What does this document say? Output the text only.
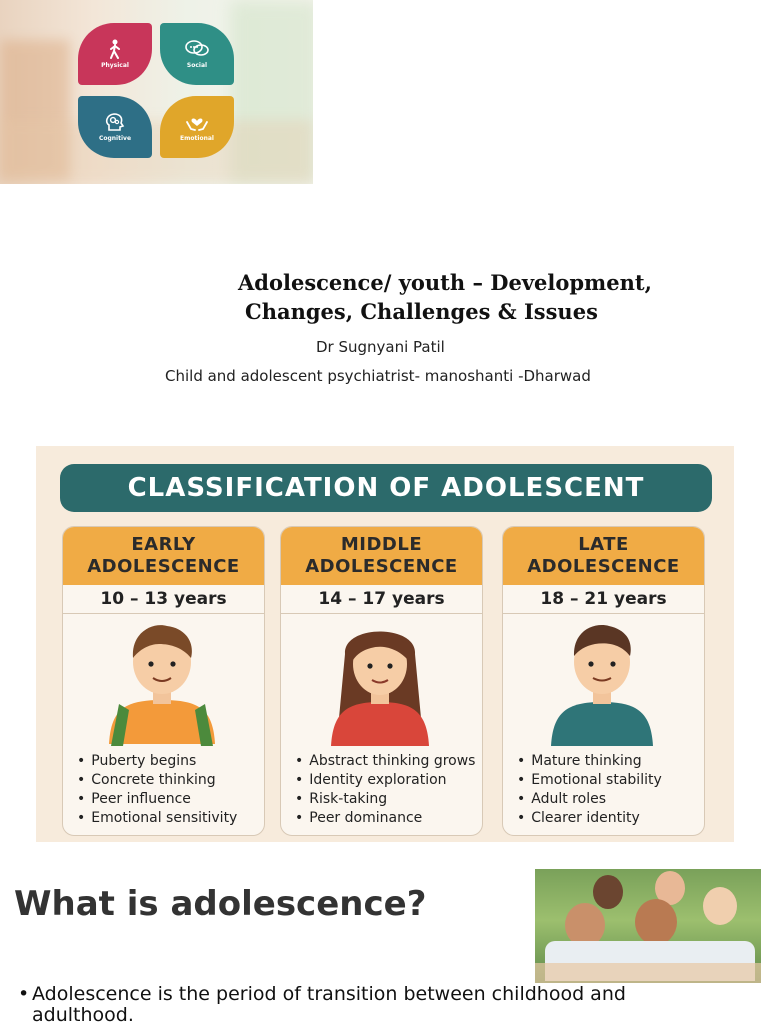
Physical	Social
Cognitive	Emotional
Adolescence/ youth – Development,
Changes, Challenges & Issues
Dr Sugnyani Patil
Child and adolescent psychiatrist- manoshanti -Dharwad
CLASSIFICATION OF ADOLESCENT
EARLY
ADOLESCENCE
10 – 13 years
• Puberty begins
• Concrete thinking
• Peer influence
• Emotional sensitivity
MIDDLE
ADOLESCENCE
14 – 17 years
• Abstract thinking grows
• Identity exploration
• Risk-taking
• Peer dominance
LATE
ADOLESCENCE
18 – 21 years
• Mature thinking
• Emotional stability
• Adult roles
• Clearer identity
What is adolescence?
• Adolescence is the period of transition between childhood and adulthood.
